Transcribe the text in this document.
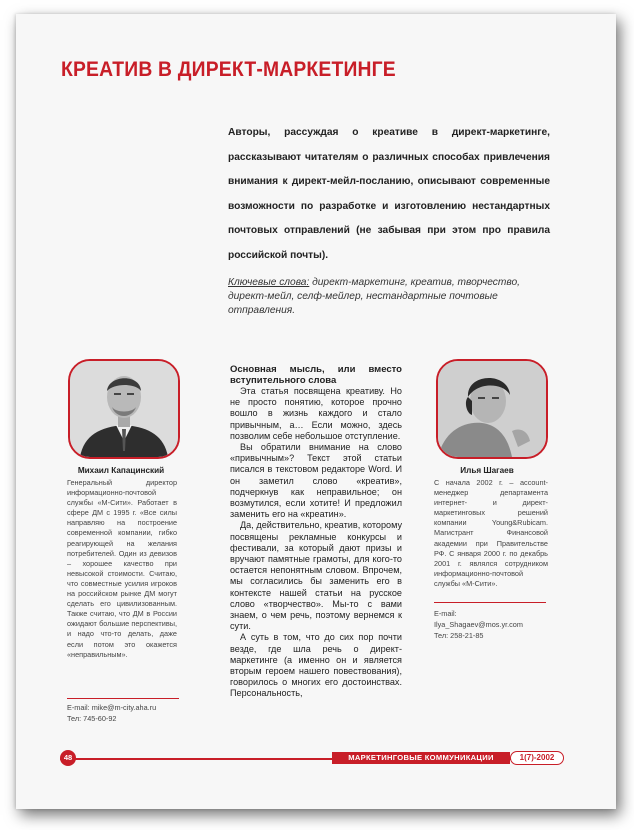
КРЕАТИВ В ДИРЕКТ-МАРКЕТИНГЕ
Авторы, рассуждая о креативе в директ-маркетинге, рассказывают читателям о различных способах привлечения внимания к директ-мейл-посланию, описывают современные возможности по разработке и изготовлению нестандартных почтовых отправлений (не забывая при этом про правила российской почты).
Ключевые слова: директ-маркетинг, креатив, творчество, директ-мейл, селф-мейлер, нестандартные почтовые отправления.
Михаил Капацинский
Генеральный директор информационно-почтовой службы «М-Сити». Работает в сфере ДМ с 1995 г. «Все силы направляю на построение современной компании, гибко реагирующей на желания потребителей. Один из девизов – хорошее качество при невысокой стоимости. Считаю, что совместные усилия игроков на российском рынке ДМ могут сделать его цивилизованным. Также считаю, что ДМ в России ожидают большие перспективы, и надо что-то делать, даже если потом это окажется «неправильным».
E-mail: mike@m-city.aha.ru
Тел: 745-60-92
Основная мысль, или вместо вступительного слова

Эта статья посвящена креативу. Но не просто понятию, которое прочно вошло в жизнь каждого и стало привычным, а… Если можно, здесь позволим себе небольшое отступление.

Вы обратили внимание на слово «привычным»? Текст этой статьи писался в текстовом редакторе Word. И он заметил слово «креатив», подчеркнув как неправильное; он возмутился, если хотите! И предложил заменить его на «креатин».

Да, действительно, креатив, которому посвящены рекламные конкурсы и фестивали, за который дают призы и вручают памятные грамоты, для кого-то остается непонятным словом. Впрочем, мы согласились бы заменить его в контексте нашей статьи на русское слово «творчество». Мы-то с вами знаем, о чем речь, поэтому вернемся к сути.

А суть в том, что до сих пор почти везде, где шла речь о директ-маркетинге (а именно он и является вторым героем нашего повествования), говорилось о многих его достоинствах. Персональность,

Илья Шагаев
С начала 2002 г. – account-менеджер департамента интернет- и директ-маркетинговых решений компании Young&Rubicam. Магистрант Финансовой академии при Правительстве РФ. С января 2000 г. по декабрь 2001 г. являлся сотрудником информационно-почтовой службы «М-Сити».
E-mail:
Ilya_Shagaev@mos.yr.com
Тел: 258-21-85
48	МАРКЕТИНГОВЫЕ КОММУНИКАЦИИ	1(7)-2002
